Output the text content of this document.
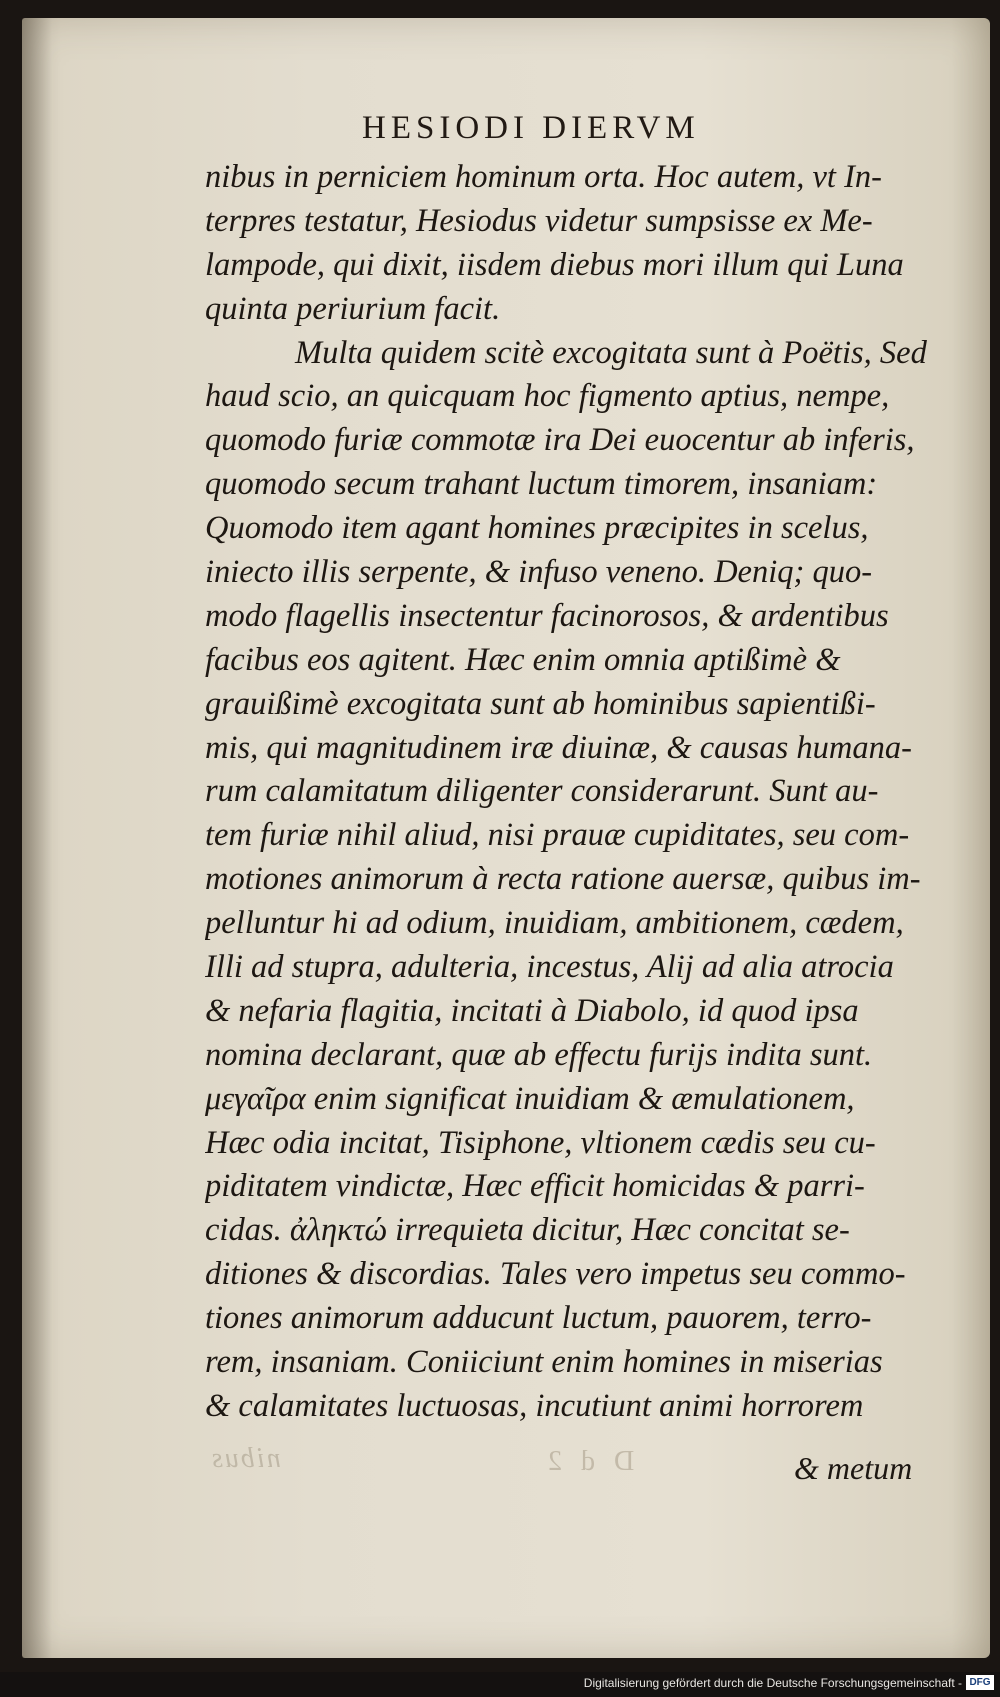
HESIODI DIERVM
nibus in perniciem hominum orta. Hoc autem, vt In-
terpres testatur, Hesiodus videtur sumpsisse ex Me-
lampode, qui dixit, iisdem diebus mori illum qui Luna
quinta periurium facit.
Multa quidem scitè excogitata sunt à Poëtis, Sed
haud scio, an quicquam hoc figmento aptius, nempe,
quomodo furiæ commotæ ira Dei euocentur ab inferis,
quomodo secum trahant luctum timorem, insaniam:
Quomodo item agant homines præcipites in scelus,
iniecto illis serpente, & infuso veneno. Deniq; quo-
modo flagellis insectentur facinorosos, & ardentibus
facibus eos agitent. Hæc enim omnia aptißimè &
grauißimè excogitata sunt ab hominibus sapientißi-
mis, qui magnitudinem iræ diuinæ, & causas humana-
rum calamitatum diligenter considerarunt. Sunt au-
tem furiæ nihil aliud, nisi prauæ cupiditates, seu com-
motiones animorum à recta ratione auersæ, quibus im-
pelluntur hi ad odium, inuidiam, ambitionem, cædem,
Illi ad stupra, adulteria, incestus, Alij ad alia atrocia
& nefaria flagitia, incitati à Diabolo, id quod ipsa
nomina declarant, quæ ab effectu furijs indita sunt.
μεγαῖρα enim significat inuidiam & æmulationem,
Hæc odia incitat, Tisiphone, vltionem cædis seu cu-
piditatem vindictæ, Hæc efficit homicidas & parri-
cidas. ἀληκτώ irrequieta dicitur, Hæc concitat se-
ditiones & discordias. Tales vero impetus seu commo-
tiones animorum adducunt luctum, pauorem, terro-
rem, insaniam. Coniiciunt enim homines in miserias
& calamitates luctuosas, incutiunt animi horrorem
nibus	D d 2	& metum
Digitalisierung gefördert durch die Deutsche Forschungsgemeinschaft - DFG
